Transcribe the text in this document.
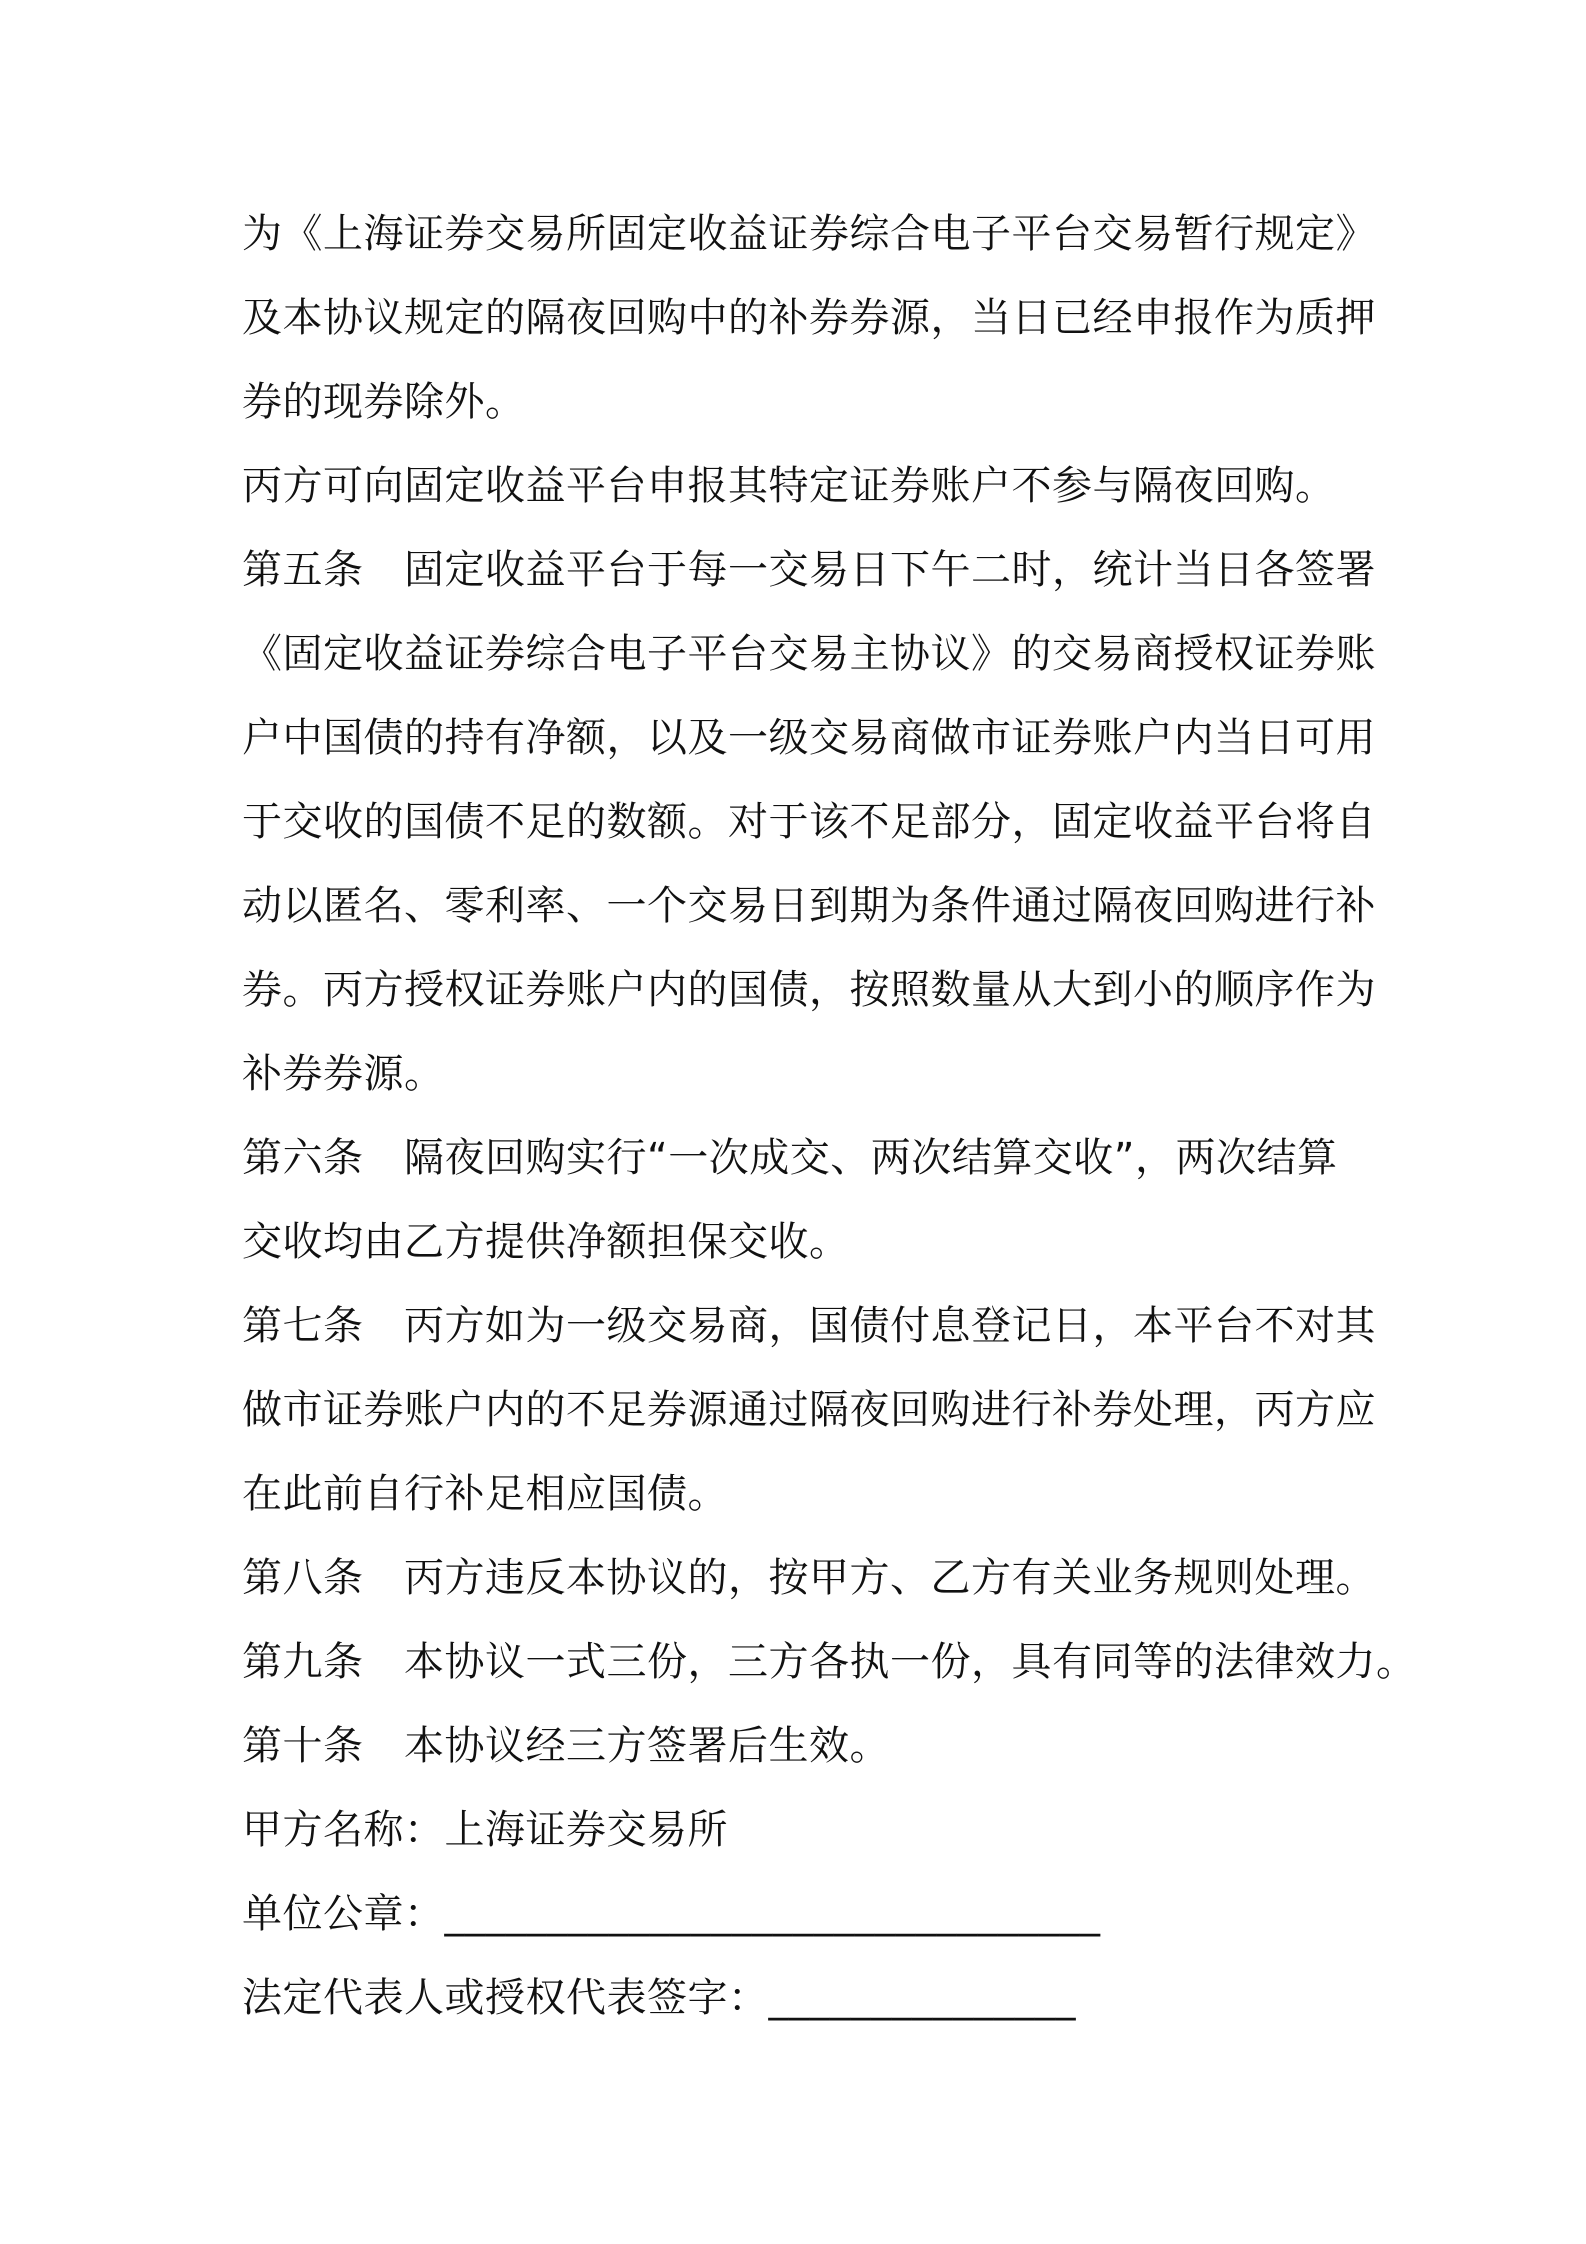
为《上海证券交易所固定收益证券综合电子平台交易暂行规定》
及本协议规定的隔夜回购中的补券券源，当日已经申报作为质押
券的现券除外。
丙方可向固定收益平台申报其特定证券账户不参与隔夜回购。
第五条 固定收益平台于每一交易日下午二时，统计当日各签署
《固定收益证券综合电子平台交易主协议》的交易商授权证券账
户中国债的持有净额，以及一级交易商做市证券账户内当日可用
于交收的国债不足的数额。对于该不足部分，固定收益平台将自
动以匿名、零利率、一个交易日到期为条件通过隔夜回购进行补
券。丙方授权证券账户内的国债，按照数量从大到小的顺序作为
补券券源。
第六条 隔夜回购实行“一次成交、两次结算交收”，两次结算
交收均由乙方提供净额担保交收。
第七条 丙方如为一级交易商，国债付息登记日，本平台不对其
做市证券账户内的不足券源通过隔夜回购进行补券处理，丙方应
在此前自行补足相应国债。
第八条 丙方违反本协议的，按甲方、乙方有关业务规则处理。
第九条 本协议一式三份，三方各执一份，具有同等的法律效力。
第十条 本协议经三方签署后生效。
甲方名称：上海证券交易所
单位公章：________________________________
法定代表人或授权代表签字：_______________
